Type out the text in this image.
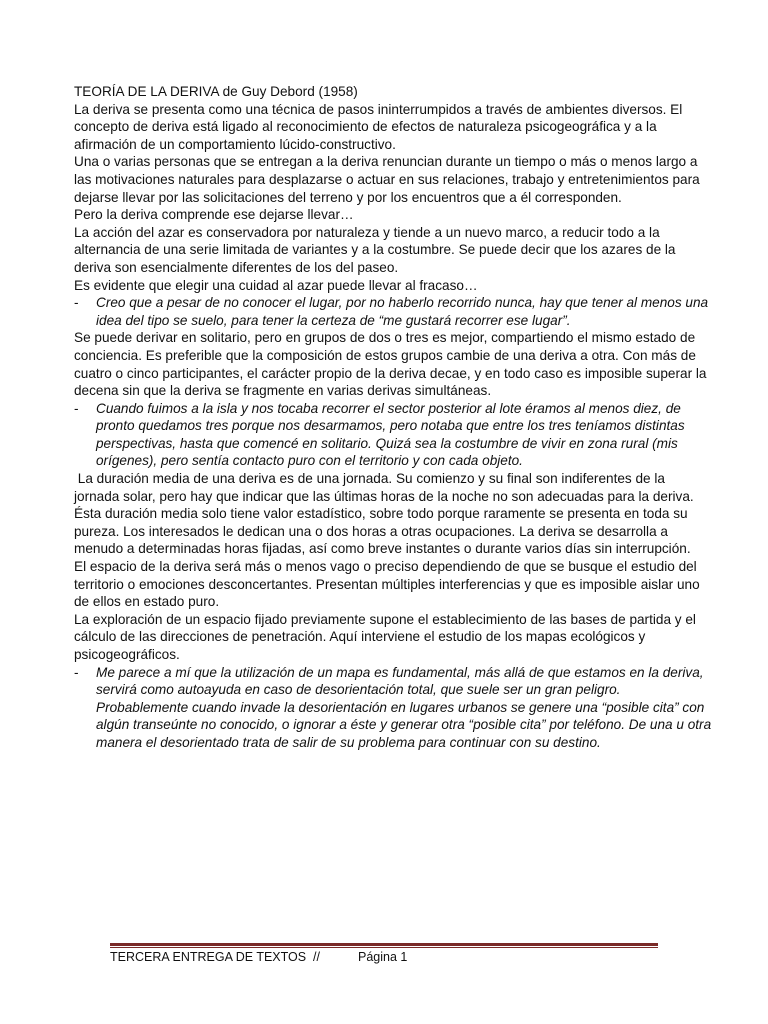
TEORÍA DE LA DERIVA de Guy Debord (1958)

La deriva se presenta como una técnica de pasos ininterrumpidos a través de ambientes diversos. El concepto de deriva está ligado al reconocimiento de efectos de naturaleza psicogeográfica y a la afirmación de un comportamiento lúcido-constructivo.

Una o varias personas que se entregan a la deriva renuncian durante un tiempo o más o menos largo a las motivaciones naturales para desplazarse o actuar en sus relaciones, trabajo y entretenimientos para dejarse llevar por las solicitaciones del terreno y por los encuentros que a él corresponden.

Pero la deriva comprende ese dejarse llevar…

La acción del azar es conservadora por naturaleza y tiende a un nuevo marco, a reducir todo a la alternancia de una serie limitada de variantes y a la costumbre. Se puede decir que los azares de la deriva son esencialmente diferentes de los del paseo.

Es evidente que elegir una cuidad al azar puede llevar al fracaso…

- Creo que a pesar de no conocer el lugar, por no haberlo recorrido nunca, hay que tener al menos una idea del tipo se suelo, para tener la certeza de “me gustará recorrer ese lugar”.

Se puede derivar en solitario, pero en grupos de dos o tres es mejor, compartiendo el mismo estado de conciencia. Es preferible que la composición de estos grupos cambie de una deriva a otra. Con más de cuatro o cinco participantes, el carácter propio de la deriva decae, y en todo caso es imposible superar la decena sin que la deriva se fragmente en varias derivas simultáneas.

- Cuando fuimos a la isla y nos tocaba recorrer el sector posterior al lote éramos al menos diez, de pronto quedamos tres porque nos desarmamos, pero notaba que entre los tres teníamos distintas perspectivas, hasta que comencé en solitario. Quizá sea la costumbre de vivir en zona rural (mis orígenes), pero sentía contacto puro con el territorio y con cada objeto.

La duración media de una deriva es de una jornada. Su comienzo y su final son indiferentes de la jornada solar, pero hay que indicar que las últimas horas de la noche no son adecuadas para la deriva.

Ésta duración media solo tiene valor estadístico, sobre todo porque raramente se presenta en toda su pureza. Los interesados le dedican una o dos horas a otras ocupaciones. La deriva se desarrolla a menudo a determinadas horas fijadas, así como breve instantes o durante varios días sin interrupción.

El espacio de la deriva será más o menos vago o preciso dependiendo de que se busque el estudio del territorio o emociones desconcertantes. Presentan múltiples interferencias y que es imposible aislar uno de ellos en estado puro.

La exploración de un espacio fijado previamente supone el establecimiento de las bases de partida y el cálculo de las direcciones de penetración. Aquí interviene el estudio de los mapas ecológicos y psicogeográficos.

- Me parece a mí que la utilización de un mapa es fundamental, más allá de que estamos en la deriva, servirá como autoayuda en caso de desorientación total, que suele ser un gran peligro. Probablemente cuando invade la desorientación en lugares urbanos se genere una “posible cita” con algún transeúnte no conocido, o ignorar a éste y generar otra “posible cita” por teléfono. De una u otra manera el desorientado trata de salir de su problema para continuar con su destino.
TERCERA ENTREGA DE TEXTOS  //	Página 1
